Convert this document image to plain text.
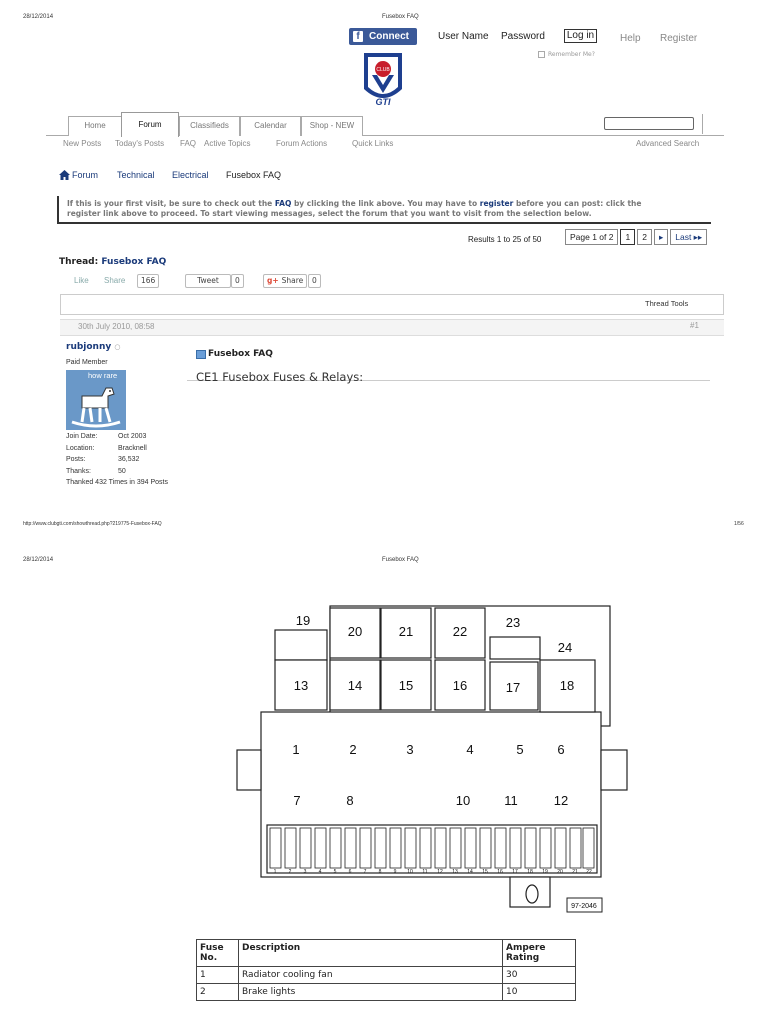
28/12/2014	Fusebox FAQ
f Connect	User Name Password Log in	Help Register
Remember Me?
CLUB
GTI
Home	Forum	Classifieds	Calendar	Shop - NEW
New Posts Today's Posts FAQ Active Topics	Forum Actions	Quick Links	Advanced Search
Forum Technical Electrical Fusebox FAQ
If this is your first visit, be sure to check out the FAQ by clicking the link above. You may have to register before you can post: click the
register link above to proceed. To start viewing messages, select the forum that you want to visit from the selection below.
Results 1 to 25 of 50	Page 1 of 2	1	2	▸	Last ▸▸
Thread: Fusebox FAQ
Like Share	166	Tweet	0	g+ Share	0
Thread Tools
30th July 2010, 08:58	#1
rubjonny ○
Paid Member
how rare
Join Date:	Oct 2003
Location:	Bracknell
Posts:	36,532
Thanks:	50
Thanked 432 Times in 394 Posts
Fusebox FAQ
CE1 Fusebox Fuses & Relays:
http://www.clubgti.com/showthread.php?219775-Fusebox-FAQ	1/56
28/12/2014	Fusebox FAQ
19
20	21	22
23
24
13	14	15	16	17	18
1	2	3	4	5	6
7	8	10	11	12
1 2 3 4 5 6 7 8 9 10 11 12 13 14 15 16 17 18 19 20 21 22
97-2046
Fuse No.	Description	Ampere Rating
1	Radiator cooling fan	30
2	Brake lights	10
